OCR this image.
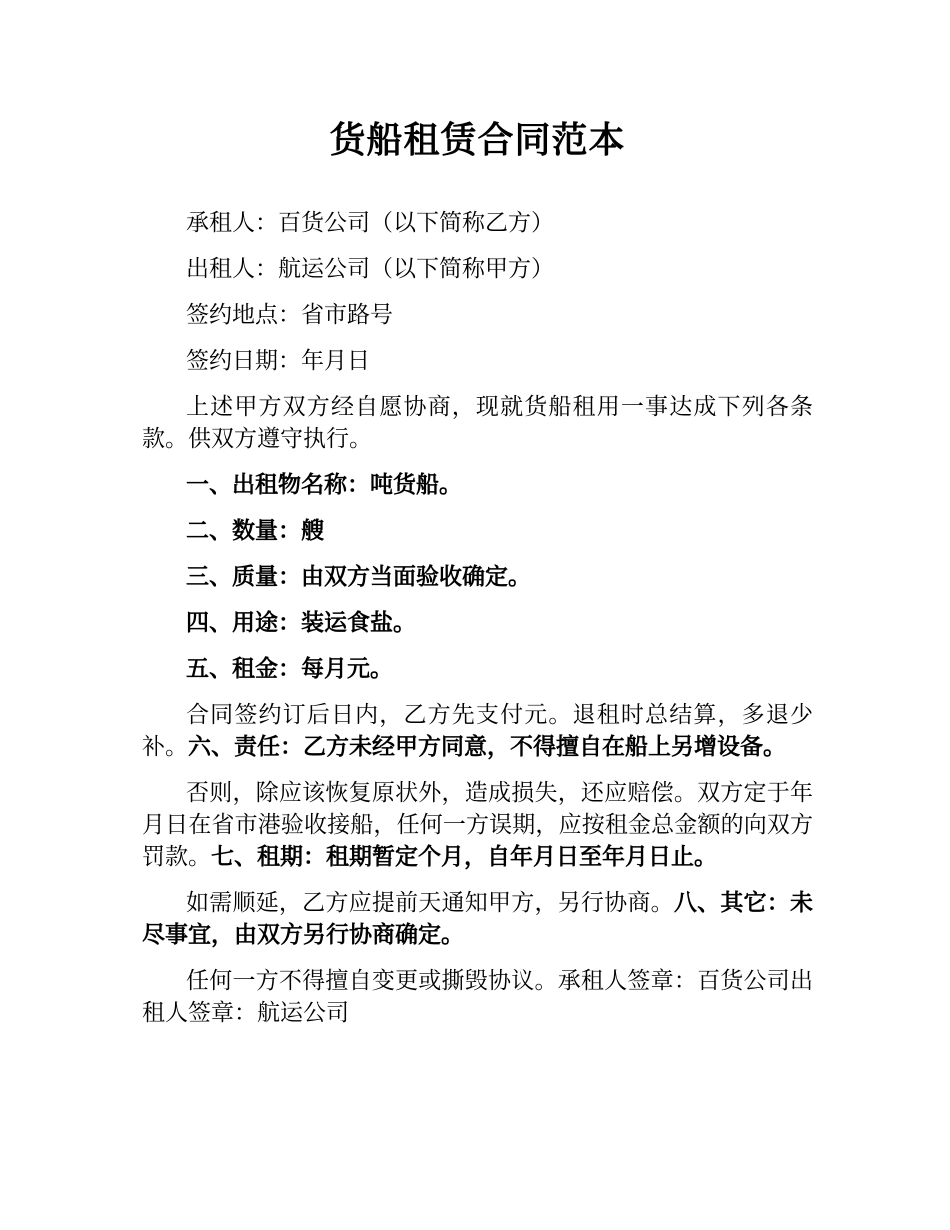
货船租赁合同范本

承租人：百货公司（以下简称乙方）

出租人：航运公司（以下简称甲方）

签约地点：省市路号

签约日期：年月日

上述甲方双方经自愿协商，现就货船租用一事达成下列各条款。供双方遵守执行。

一、出租物名称：吨货船。

二、数量：艘

三、质量：由双方当面验收确定。

四、用途：装运食盐。

五、租金：每月元。

合同签约订后日内，乙方先支付元。退租时总结算，多退少补。六、责任：乙方未经甲方同意，不得擅自在船上另增设备。

否则，除应该恢复原状外，造成损失，还应赔偿。双方定于年月日在省市港验收接船，任何一方误期，应按租金总金额的向双方罚款。七、租期：租期暂定个月，自年月日至年月日止。

如需顺延，乙方应提前天通知甲方，另行协商。八、其它：未尽事宜，由双方另行协商确定。

任何一方不得擅自变更或撕毁协议。承租人签章：百货公司出租人签章：航运公司
